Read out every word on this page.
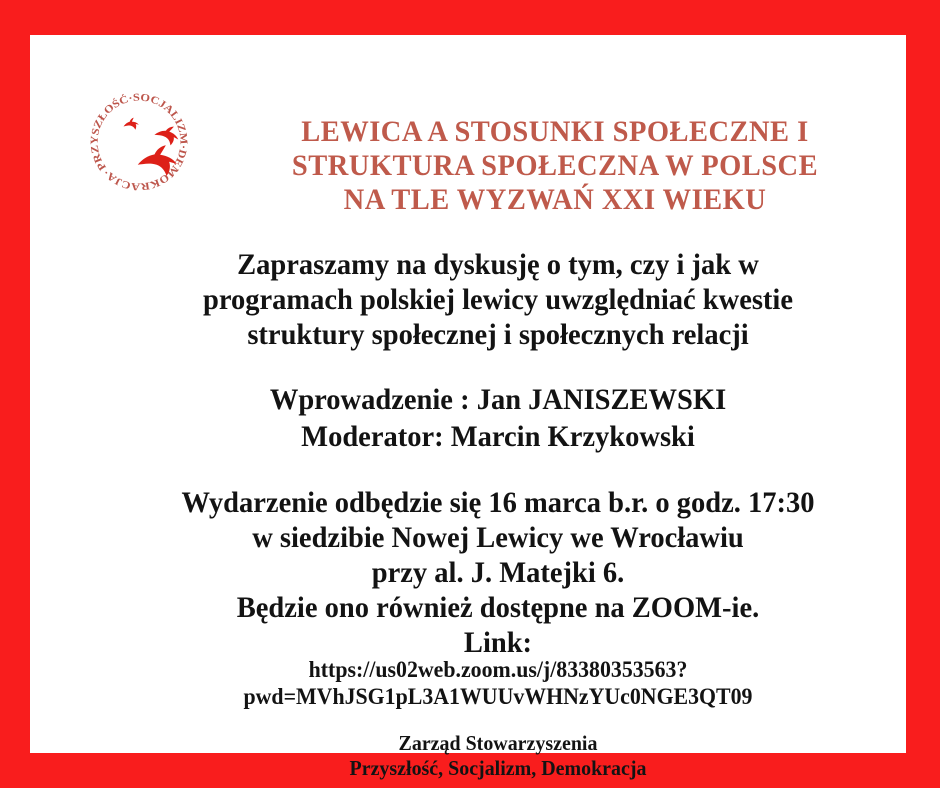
PRZYSZŁOŚĆ·SOCJALIZM·DEMOKRACJA·
LEWICA A STOSUNKI SPOŁECZNE I
STRUKTURA SPOŁECZNA W POLSCE
NA TLE WYZWAŃ XXI WIEKU
Zapraszamy na dyskusję o tym, czy i jak w
programach polskiej lewicy uwzględniać kwestie
struktury społecznej i społecznych relacji
Wprowadzenie : Jan JANISZEWSKI
Moderator: Marcin Krzykowski
Wydarzenie odbędzie się 16 marca b.r. o godz. 17:30
w siedzibie Nowej Lewicy we Wrocławiu
przy al. J. Matejki 6.
Będzie ono również dostępne na ZOOM-ie.
Link:
https://us02web.zoom.us/j/83380353563?
pwd=MVhJSG1pL3A1WUUvWHNzYUc0NGE3QT09
Zarząd Stowarzyszenia
Przyszłość, Socjalizm, Demokracja
